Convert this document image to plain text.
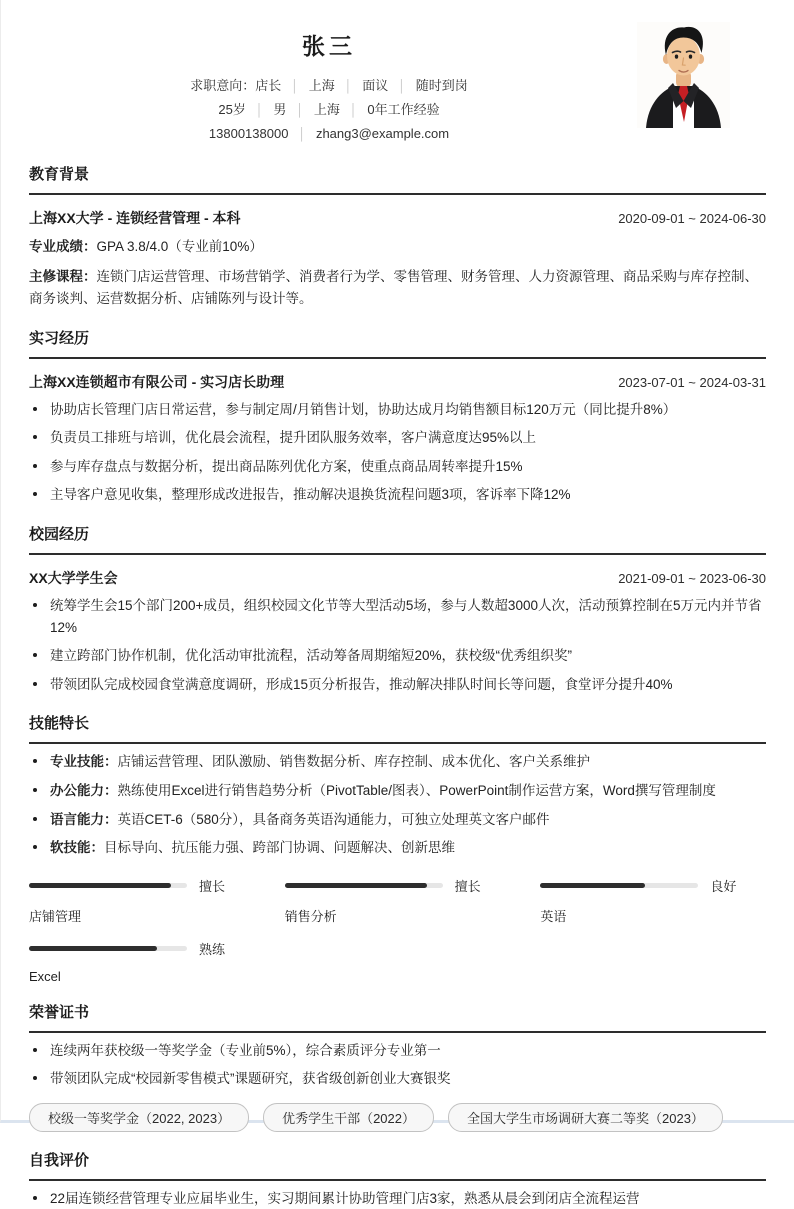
张三
求职意向：店长 │ 上海 │ 面议 │ 随时到岗
25岁 │ 男 │ 上海 │ 0年工作经验
13800138000 │ zhang3@example.com
教育背景
上海XX大学 - 连锁经营管理 - 本科	2020-09-01 ~ 2024-06-30
专业成绩：GPA 3.8/4.0（专业前10%）
主修课程：连锁门店运营管理、市场营销学、消费者行为学、零售管理、财务管理、人力资源管理、商品采购与库存控制、商务谈判、运营数据分析、店铺陈列与设计等。
实习经历
上海XX连锁超市有限公司 - 实习店长助理	2023-07-01 ~ 2024-03-31
协助店长管理门店日常运营，参与制定周/月销售计划，协助达成月均销售额目标120万元（同比提升8%）
负责员工排班与培训，优化晨会流程，提升团队服务效率，客户满意度达95%以上
参与库存盘点与数据分析，提出商品陈列优化方案，使重点商品周转率提升15%
主导客户意见收集，整理形成改进报告，推动解决退换货流程问题3项，客诉率下降12%
校园经历
XX大学学生会	2021-09-01 ~ 2023-06-30
统筹学生会15个部门200+成员，组织校园文化节等大型活动5场，参与人数超3000人次，活动预算控制在5万元内并节省12%
建立跨部门协作机制，优化活动审批流程，活动筹备周期缩短20%，获校级“优秀组织奖”
带领团队完成校园食堂满意度调研，形成15页分析报告，推动解决排队时间长等问题，食堂评分提升40%
技能特长
专业技能：店铺运营管理、团队激励、销售数据分析、库存控制、成本优化、客户关系维护
办公能力：熟练使用Excel进行销售趋势分析（PivotTable/图表）、PowerPoint制作运营方案，Word撰写管理制度
语言能力：英语CET-6（580分），具备商务英语沟通能力，可独立处理英文客户邮件
软技能：目标导向、抗压能力强、跨部门协调、问题解决、创新思维
擅长
店铺管理
擅长
销售分析
良好
英语
熟练
Excel
荣誉证书
连续两年获校级一等奖学金（专业前5%），综合素质评分专业第一
带领团队完成“校园新零售模式”课题研究，获省级创新创业大赛银奖
校级一等奖学金（2022, 2023）	优秀学生干部（2022）	全国大学生市场调研大赛二等奖（2023）
自我评价
22届连锁经营管理专业应届毕业生，实习期间累计协助管理门店3家，熟悉从晨会到闭店全流程运营
